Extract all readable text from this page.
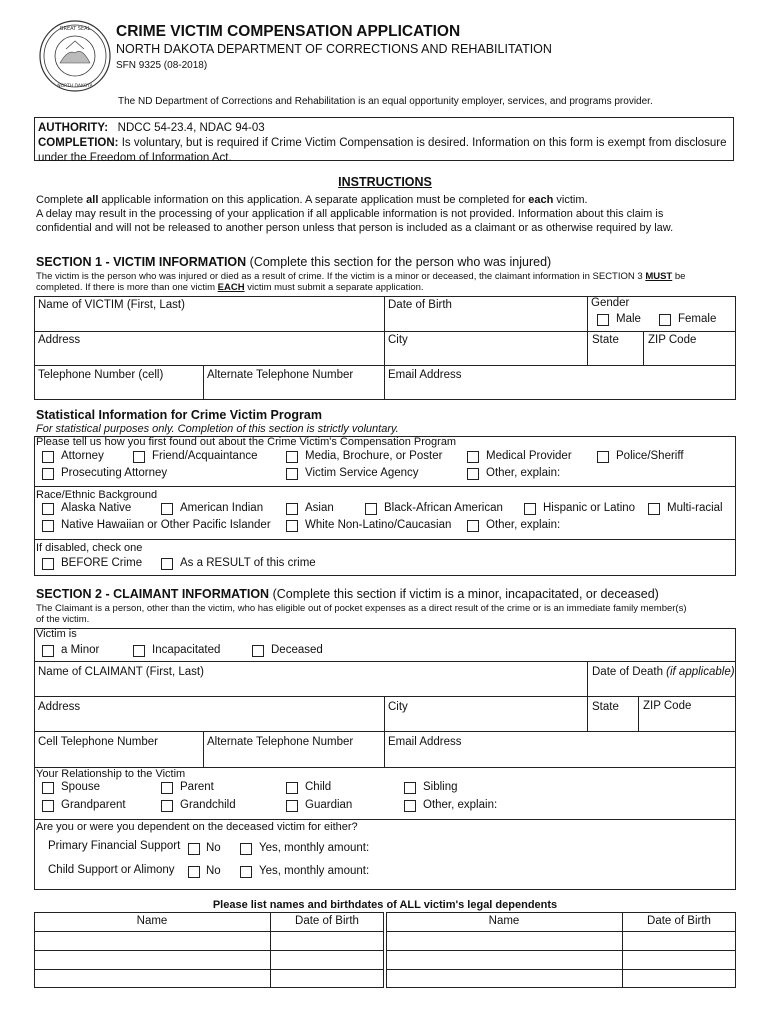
GREAT SEAL
NORTH DAKOTA
CRIME VICTIM COMPENSATION APPLICATION
NORTH DAKOTA DEPARTMENT OF CORRECTIONS AND REHABILITATION
SFN 9325 (08-2018)
The ND Department of Corrections and Rehabilitation is an equal opportunity employer, services, and programs provider.
AUTHORITY: NDCC 54-23.4, NDAC 94-03
COMPLETION: Is voluntary, but is required if Crime Victim Compensation is desired. Information on this form is exempt from disclosure
under the Freedom of Information Act.
INSTRUCTIONS
Complete all applicable information on this application. A separate application must be completed for each victim.
A delay may result in the processing of your application if all applicable information is not provided. Information about this claim is
confidential and will not be released to another person unless that person is included as a claimant or as otherwise required by law.
SECTION 1 - VICTIM INFORMATION (Complete this section for the person who was injured)
The victim is the person who was injured or died as a result of crime. If the victim is a minor or deceased, the claimant information in SECTION 3 MUST be
completed. If there is more than one victim EACH victim must submit a separate application.
Name of VICTIM (First, Last)	Date of Birth	Gender
Male	Female
Address	City	State	ZIP Code
Telephone Number (cell)	Alternate Telephone Number	Email Address
Statistical Information for Crime Victim Program
For statistical purposes only. Completion of this section is strictly voluntary.
Please tell us how you first found out about the Crime Victim's Compensation Program
Attorney	Friend/Acquaintance	Media, Brochure, or Poster	Medical Provider	Police/Sheriff
Prosecuting Attorney	Victim Service Agency	Other, explain:
Race/Ethnic Background
Alaska Native	American Indian	Asian	Black-African American	Hispanic or Latino	Multi-racial
Native Hawaiian or Other Pacific Islander	White Non-Latino/Caucasian	Other, explain:
If disabled, check one
BEFORE Crime	As a RESULT of this crime
SECTION 2 - CLAIMANT INFORMATION (Complete this section if victim is a minor, incapacitated, or deceased)
The Claimant is a person, other than the victim, who has eligible out of pocket expenses as a direct result of the crime or is an immediate family member(s)
of the victim.
Victim is
a Minor	Incapacitated	Deceased
Name of CLAIMANT (First, Last)	Date of Death (if applicable)
Address	City	State ZIP Code
Cell Telephone Number	Alternate Telephone Number	Email Address
Your Relationship to the Victim
Spouse	Parent	Child	Sibling
Grandparent	Grandchild	Guardian	Other, explain:
Are you or were you dependent on the deceased victim for either?
Primary Financial Support No	Yes, monthly amount:
Child Support or Alimony	No	Yes, monthly amount:
Please list names and birthdates of ALL victim's legal dependents
Name	Date of Birth	Name	Date of Birth
